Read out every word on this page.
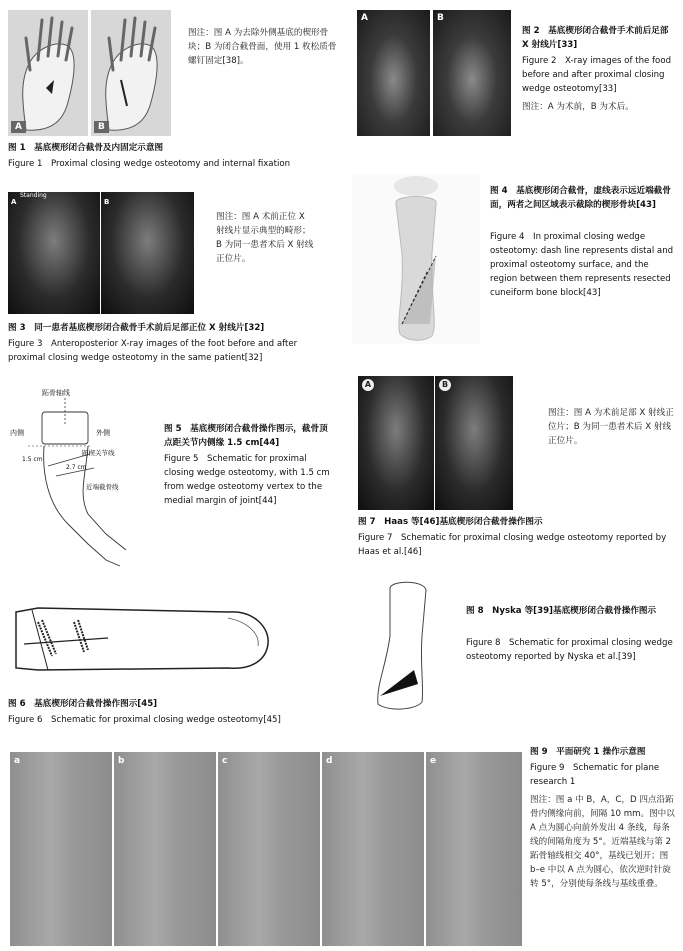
A	B
图注：图 A 为去除外侧基底的楔形骨块；B 为闭合截骨面，使用 1 枚松质骨螺钉固定[38]。
图 1　基底楔形闭合截骨及内固定示意图
Figure 1　Proximal closing wedge osteotomy and internal fixation
A	B
图 2　基底楔形闭合截骨手术前后足部 X 射线片[33]
Figure 2　X-ray images of the food before and after proximal closing wedge osteotomy[33]
图注：A 为术前，B 为术后。
A
Standing
B
图注：图 A 术前正位 X 射线片显示典型的畸形；B 为同一患者术后 X 射线正位片。
图 3　同一患者基底楔形闭合截骨手术前后足部正位 X 射线片[32]
Figure 3　Anteroposterior X-ray images of the foot before and after proximal closing wedge osteotomy in the same patient[32]
图 4　基底楔形闭合截骨，虚线表示远近端截骨面，两者之间区域表示截除的楔形骨块[43]
Figure 4　In proximal closing wedge osteotomy: dash line represents distal and proximal osteotomy surface, and the region between them represents resected cuneiform bone block[43]
跖骨轴线
内侧	外侧
跖楔关节线
1.5 cm
2.7 cm
近端截骨线
图 5　基底楔形闭合截骨操作图示，截骨顶点距关节内侧缘 1.5 cm[44]
Figure 5　Schematic for proximal closing wedge osteotomy, with 1.5 cm from wedge osteotomy vertex to the medial margin of joint[44]
A	B
图注：图 A 为术前足部 X 射线正位片；B 为同一患者术后 X 射线正位片。
图 7　Haas 等[46]基底楔形闭合截骨操作图示
Figure 7　Schematic for proximal closing wedge osteotomy reported by Haas et al.[46]
图 8　Nyska 等[39]基底楔形闭合截骨操作图示
Figure 8　Schematic for proximal closing wedge osteotomy reported by Nyska et al.[39]
图 6　基底楔形闭合截骨操作图示[45]
Figure 6　Schematic for proximal closing wedge osteotomy[45]
a	b	c	d	e
图 9　平面研究 1 操作示意图
Figure 9　Schematic for plane research 1
图注：图 a 中 B，A，C，D 四点沿跖骨内侧缘向前，间隔 10 mm。图中以 A 点为圆心向前外发出 4 条线，每条线的间隔角度为 5°。近端基线与第 2 跖骨轴线相交 40°，基线已划开；图 b–e 中以 A 点为圆心，依次逆时针旋转 5°，分别使每条线与基线重叠。
